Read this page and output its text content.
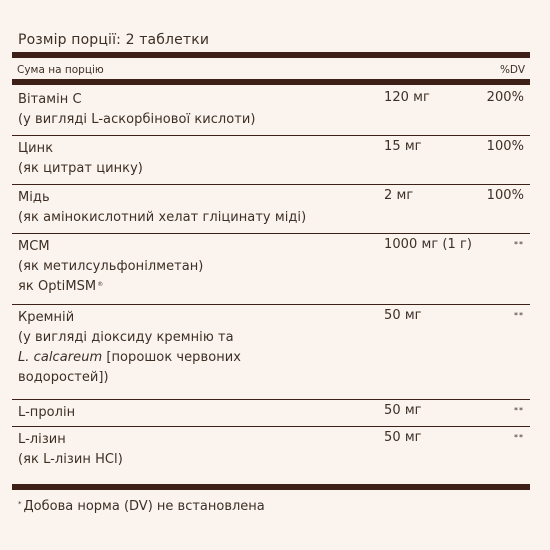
Розмір порції: 2 таблетки
Сума на порцію	%DV
Вітамін С
(у вигляді L-аскорбінової кислоти)
120 мг	200%
Цинк
(як цитрат цинку)
15 мг	100%
Мідь
(як амінокислотний хелат гліцинату міді)
2 мг	100%
МСМ
(як метилсульфонілметан)
як OptiMSM®
1000 мг (1 г)	**
Кремній
(у вигляді діоксиду кремнію та
L. calcareum [порошок червоних
водоростей])
50 мг	**
L-пролін	50 мг	**
L-лізин
(як L-лізин HCl)
50 мг	**
* Добова норма (DV) не встановлена
